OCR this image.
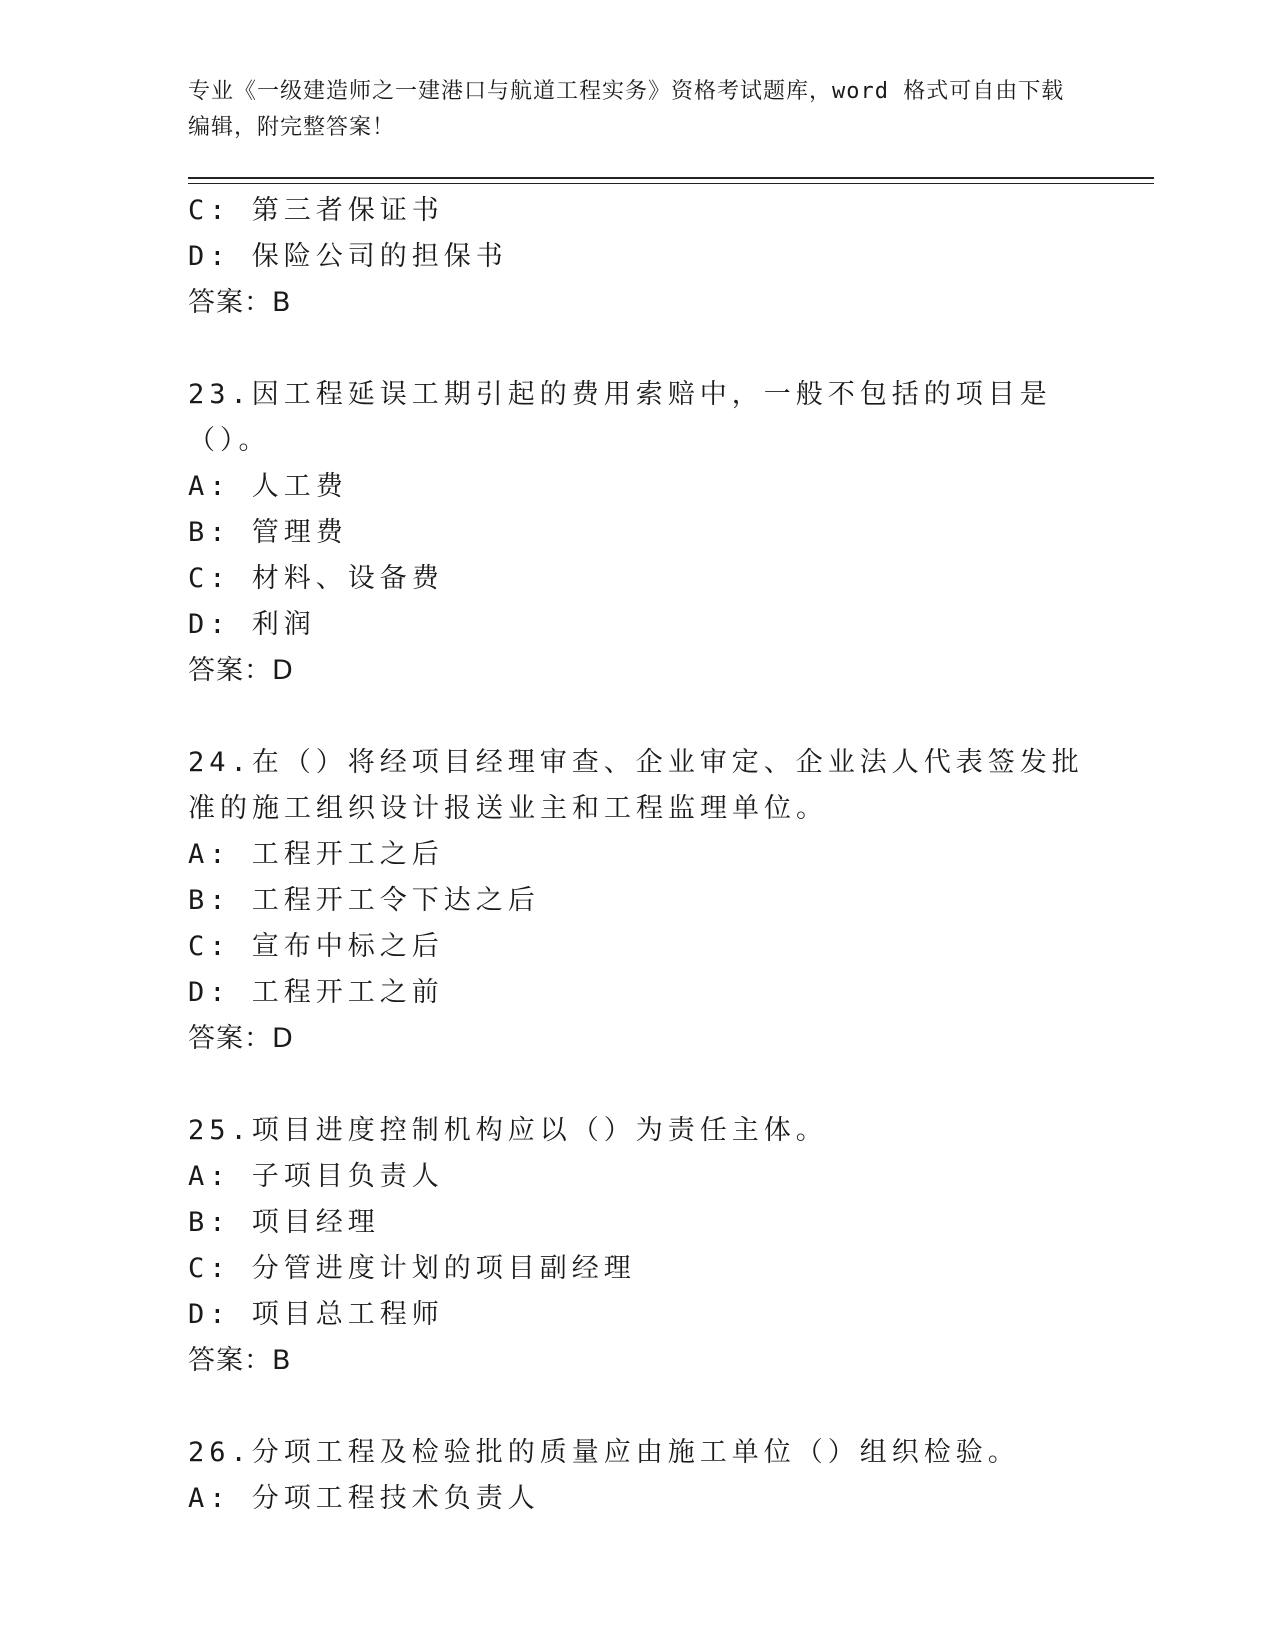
专业《一级建造师之一建港口与航道工程实务》资格考试题库，word 格式可自由下载编辑，附完整答案！
C: 第三者保证书
D: 保险公司的担保书
答案：B
23.因工程延误工期引起的费用索赔中，一般不包括的项目是（）。
A: 人工费
B: 管理费
C: 材料、设备费
D: 利润
答案：D
24.在（）将经项目经理审查、企业审定、企业法人代表签发批准的施工组织设计报送业主和工程监理单位。
A: 工程开工之后
B: 工程开工令下达之后
C: 宣布中标之后
D: 工程开工之前
答案：D
25.项目进度控制机构应以（）为责任主体。
A: 子项目负责人
B: 项目经理
C: 分管进度计划的项目副经理
D: 项目总工程师
答案：B
26.分项工程及检验批的质量应由施工单位（）组织检验。
A: 分项工程技术负责人
